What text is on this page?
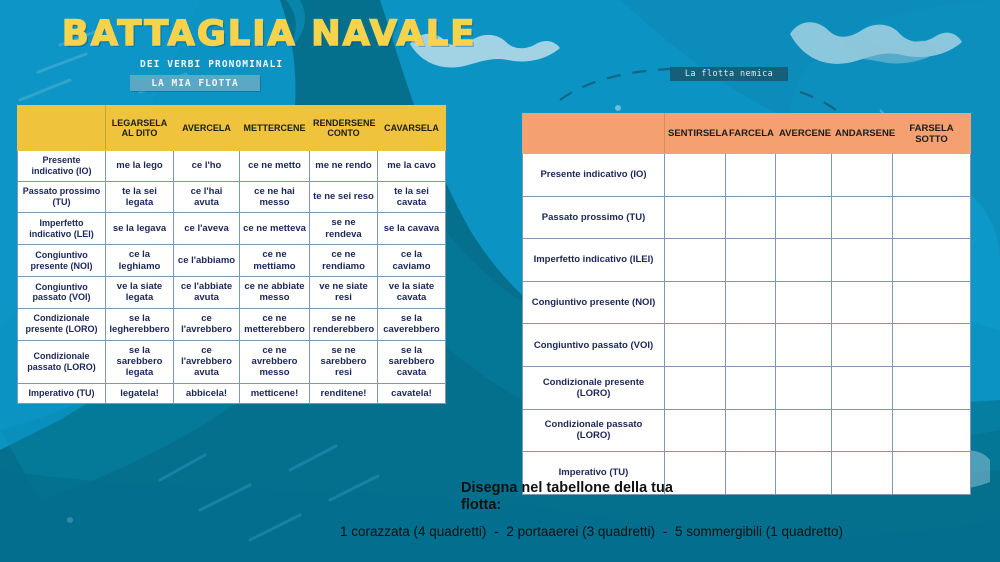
BATTAGLIA NAVALE
DEI VERBI PRONOMINALI
LA MIA FLOTTA
La flotta nemica
	LEGARSELA AL DITO	AVERCELA	METTERCENE	RENDERSENE CONTO	CAVARSELA
Presente indicativo (IO)	me la lego	ce l'ho	ce ne metto	me ne rendo	me la cavo
Passato prossimo (TU)	te la sei legata	ce l'hai avuta	ce ne hai messo	te ne sei reso	te la sei cavata
Imperfetto indicativo (LEI)	se la legava	ce l'aveva	ce ne metteva	se ne rendeva	se la cavava
Congiuntivo presente (NOI)	ce la leghiamo	ce l'abbiamo	ce ne mettiamo	ce ne rendiamo	ce la caviamo
Congiuntivo passato (VOI)	ve la siate legata	ce l'abbiate avuta	ce ne abbiate messo	ve ne siate resi	ve la siate cavata
Condizionale presente (LORO)	se la legherebbero	ce l'avrebbero	ce ne metterebbero	se ne renderebbero	se la caverebbero
Condizionale passato (LORO)	se la sarebbero legata	ce l'avrebbero avuta	ce ne avrebbero messo	se ne sarebbero resi	se la sarebbero cavata
Imperativo (TU)	legatela!	abbicela!	metticene!	renditene!	cavatela!
	SENTIRSELA	FARCELA	AVERCENE	ANDARSENE	FARSELA SOTTO
Presente indicativo (IO)					
Passato prossimo (TU)					
Imperfetto indicativo (ILEI)					
Congiuntivo presente (NOI)					
Congiuntivo passato (VOI)					
Condizionale presente (LORO)					
Condizionale passato (LORO)					
Imperativo (TU)					
Disegna nel tabellone della tua flotta:
1 corazzata (4 quadretti) - 2 portaaerei (3 quadretti) - 5 sommergibili (1 quadretto)
